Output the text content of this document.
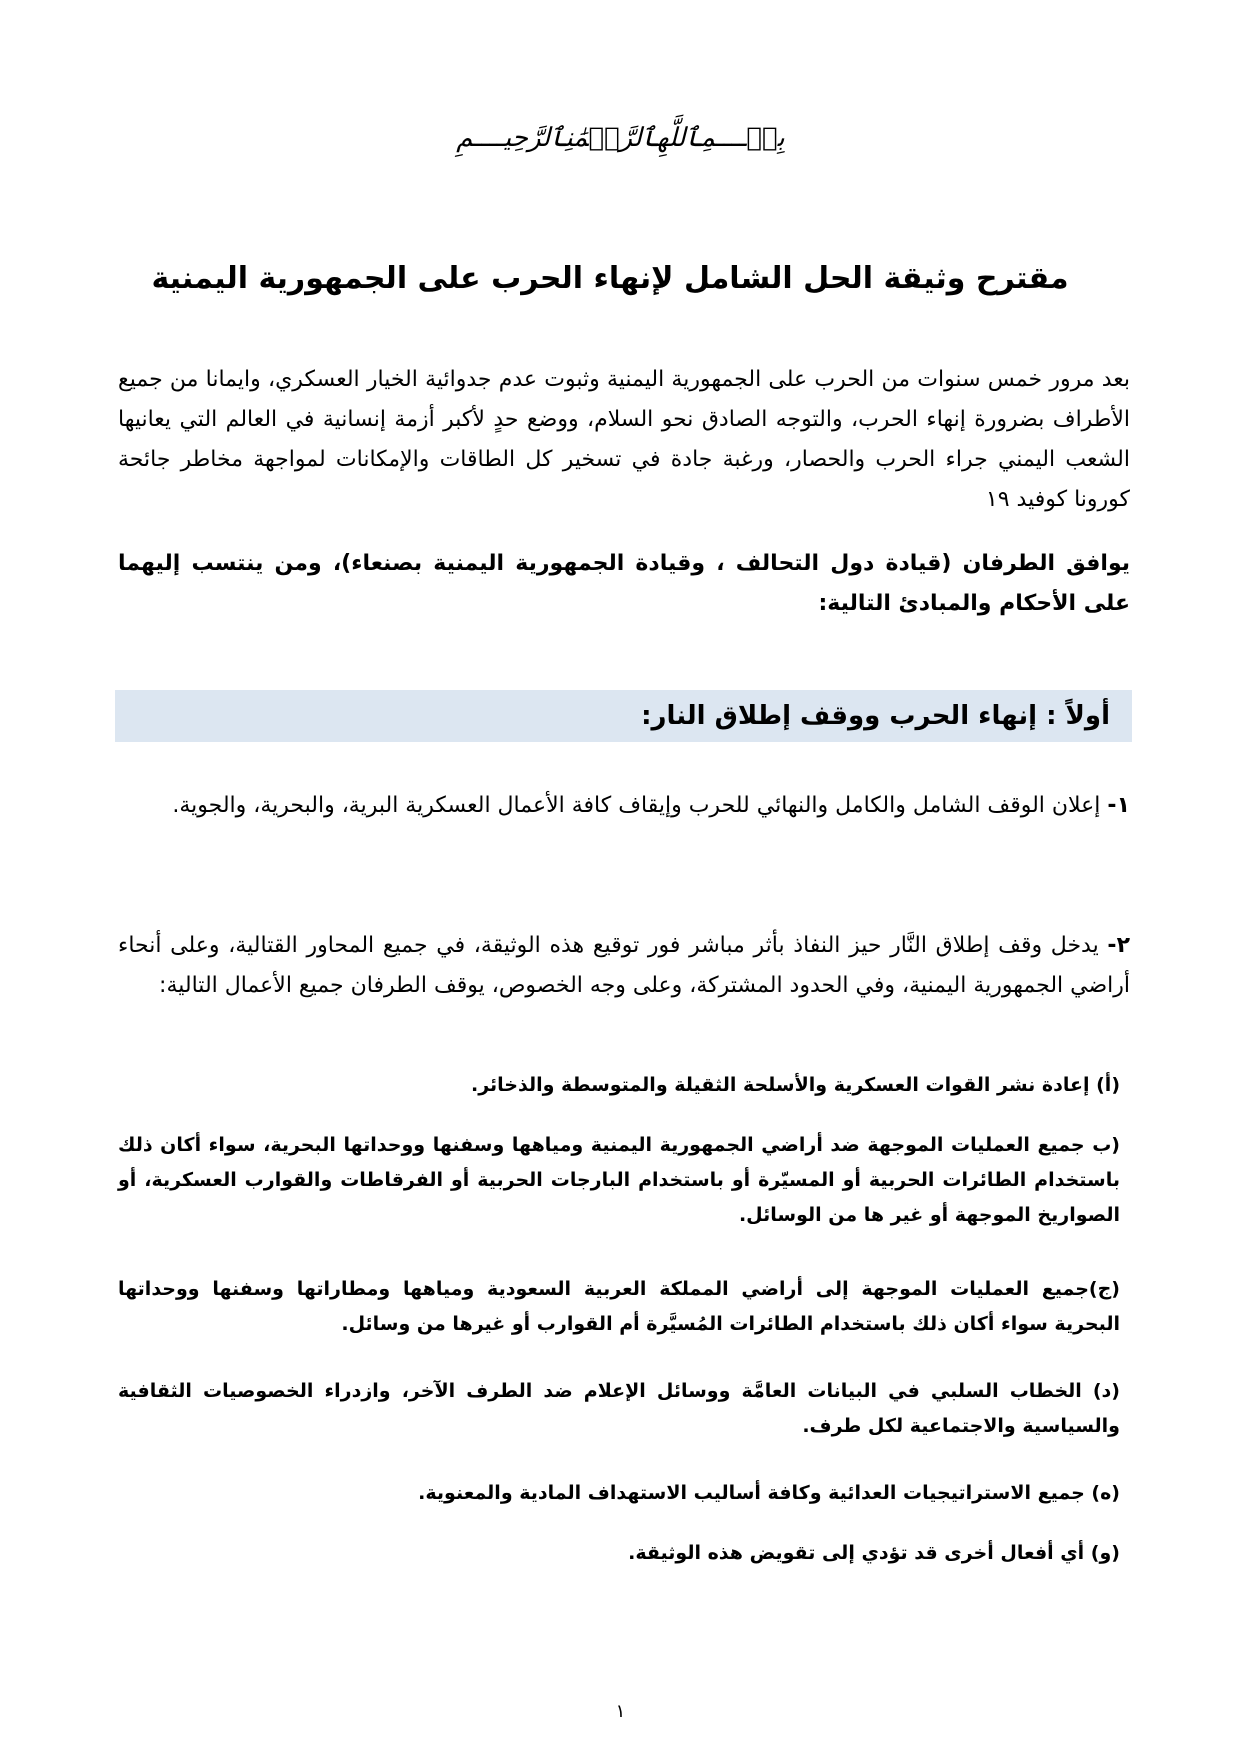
بِسۡــــمِٱللَّهِٱلرَّحۡمَٰنِٱلرَّحِيــــمِ
مقترح وثيقة الحل الشامل لإنهاء الحرب على الجمهورية اليمنية

بعد مرور خمس سنوات من الحرب على الجمهورية اليمنية وثبوت عدم جدوائية الخيار العسكري، وايمانا من جميع الأطراف بضرورة إنهاء الحرب، والتوجه الصادق نحو السلام، ووضع حدٍ لأكبر أزمة إنسانية في العالم التي يعانيها الشعب اليمني جراء الحرب والحصار، ورغبة جادة في تسخير كل الطاقات والإمكانات لمواجهة مخاطر جائحة كورونا كوفيد ١٩

يوافق الطرفان (قيادة دول التحالف ، وقيادة الجمهورية اليمنية بصنعاء)، ومن ينتسب إليهما على الأحكام والمبادئ التالية:

أولاً : إنهاء الحرب ووقف إطلاق النار:

١- إعلان الوقف الشامل والكامل والنهائي للحرب وإيقاف كافة الأعمال العسكرية البرية، والبحرية، والجوية.

٢- يدخل وقف إطلاق النَّار حيز النفاذ بأثر مباشر فور توقيع هذه الوثيقة، في جميع المحاور القتالية، وعلى أنحاء أراضي الجمهورية اليمنية، وفي الحدود المشتركة، وعلى وجه الخصوص، يوقف الطرفان جميع الأعمال التالية:

(أ) إعادة نشر القوات العسكرية والأسلحة الثقيلة والمتوسطة والذخائر.

(ب جميع العمليات الموجهة ضد أراضي الجمهورية اليمنية ومياهها وسفنها ووحداتها البحرية، سواء أكان ذلك باستخدام الطائرات الحربية أو المسيّرة أو باستخدام البارجات الحربية أو الفرقاطات والقوارب العسكرية، أو الصواريخ الموجهة أو غير ها من الوسائل.

(ج)جميع العمليات الموجهة إلى أراضي المملكة العربية السعودية ومياهها ومطاراتها وسفنها ووحداتها البحرية سواء أكان ذلك باستخدام الطائرات المُسيَّرة أم القوارب أو غيرها من وسائل.

(د) الخطاب السلبي في البيانات العامَّة ووسائل الإعلام ضد الطرف الآخر، وازدراء الخصوصيات الثقافية والسياسية والاجتماعية لكل طرف.

(ه) جميع الاستراتيجيات العدائية وكافة أساليب الاستهداف المادية والمعنوية.

(و) أي أفعال أخرى قد تؤدي إلى تقويض هذه الوثيقة.

١
